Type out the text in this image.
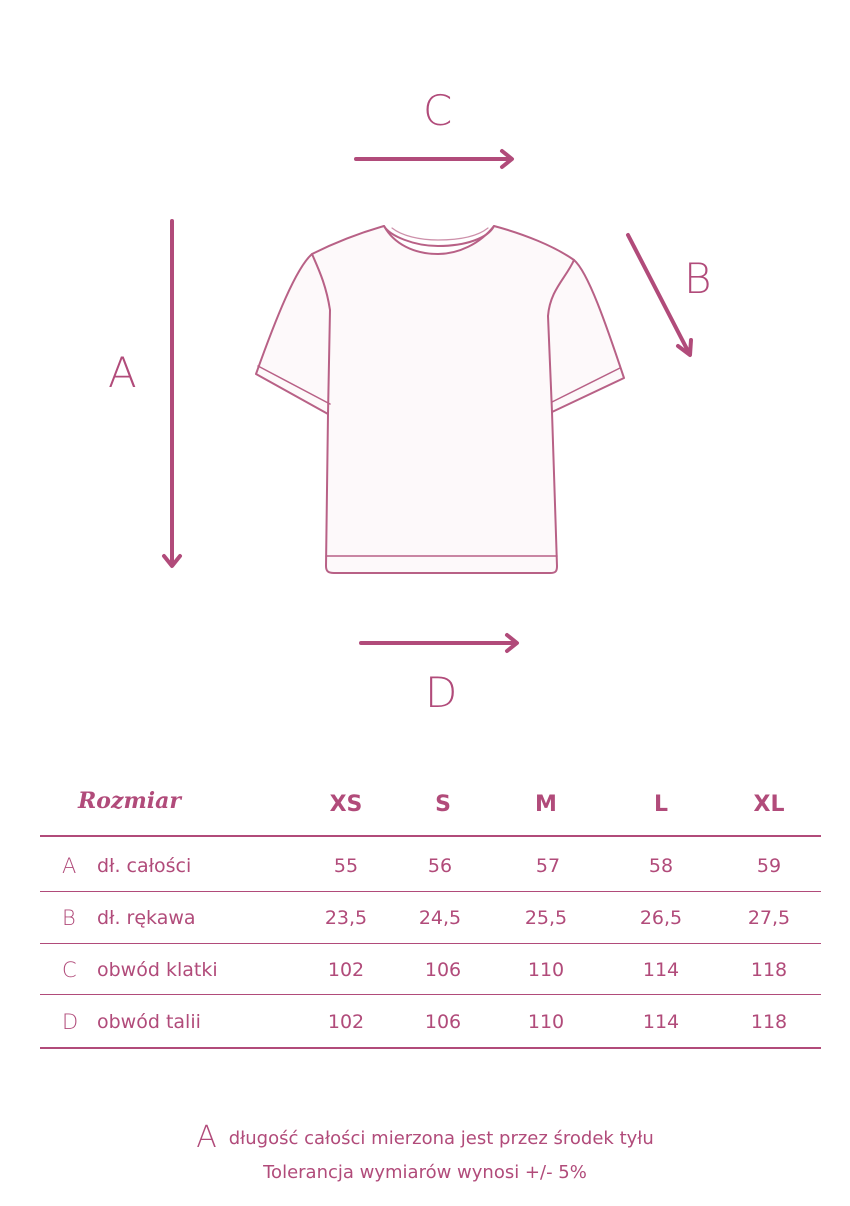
C
B
A
D
Rozmiar	XS	S	M	L	XL
A dł. całości	55	56	57	58	59
B dł. rękawa	23,5	24,5	25,5	26,5	27,5
C obwód klatki	102	106	110	114	118
D obwód talii	102	106	110	114	118
Adługość całości mierzona jest przez środek tyłu
Tolerancja wymiarów wynosi +/- 5%
